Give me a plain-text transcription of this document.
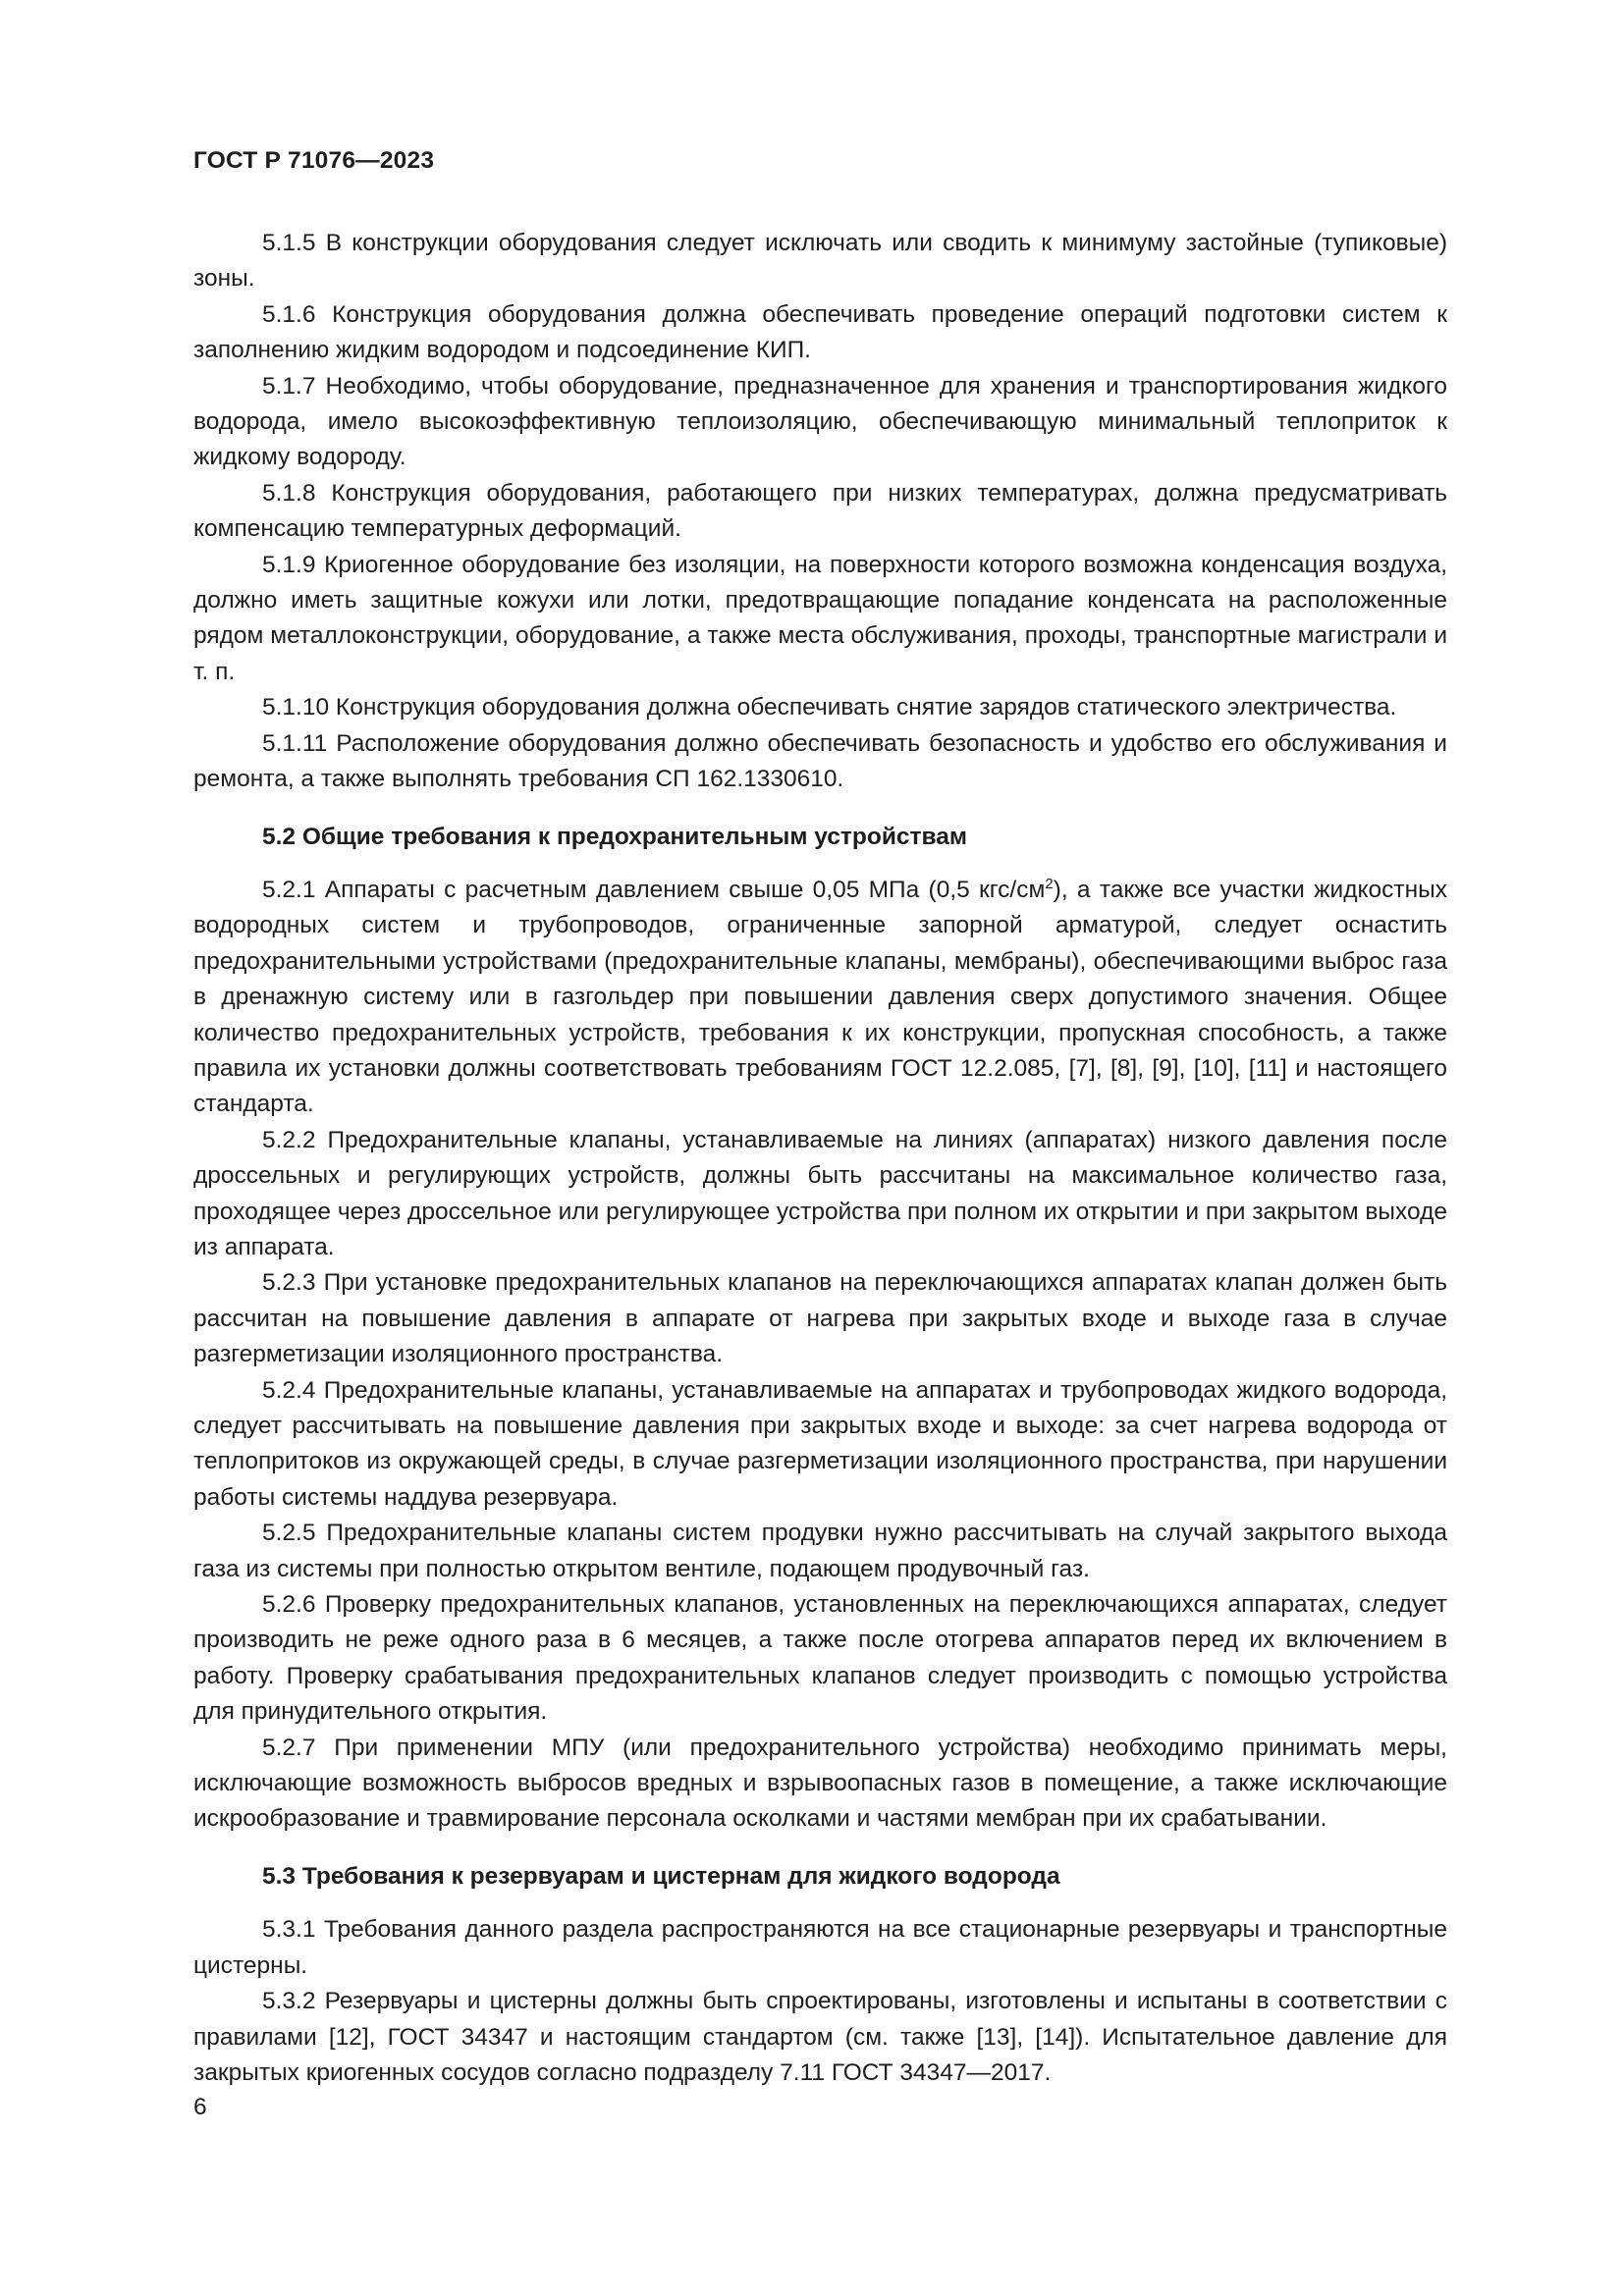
ГОСТ Р 71076—2023

5.1.5 В конструкции оборудования следует исключать или сводить к минимуму застойные (тупиковые) зоны.

5.1.6 Конструкция оборудования должна обеспечивать проведение операций подготовки систем к заполнению жидким водородом и подсоединение КИП.

5.1.7 Необходимо, чтобы оборудование, предназначенное для хранения и транспортирования жидкого водорода, имело высокоэффективную теплоизоляцию, обеспечивающую минимальный теплоприток к жидкому водороду.

5.1.8 Конструкция оборудования, работающего при низких температурах, должна предусматривать компенсацию температурных деформаций.

5.1.9 Криогенное оборудование без изоляции, на поверхности которого возможна конденсация воздуха, должно иметь защитные кожухи или лотки, предотвращающие попадание конденсата на расположенные рядом металлоконструкции, оборудование, а также места обслуживания, проходы, транспортные магистрали и т. п.

5.1.10 Конструкция оборудования должна обеспечивать снятие зарядов статического электричества.

5.1.11 Расположение оборудования должно обеспечивать безопасность и удобство его обслуживания и ремонта, а также выполнять требования СП 162.1330610.

5.2 Общие требования к предохранительным устройствам

5.2.1 Аппараты с расчетным давлением свыше 0,05 МПа (0,5 кгс/$см^2$), а также все участки жидкостных водородных систем и трубопроводов, ограниченные запорной арматурой, следует оснастить предохранительными устройствами (предохранительные клапаны, мембраны), обеспечивающими выброс газа в дренажную систему или в газгольдер при повышении давления сверх допустимого значения. Общее количество предохранительных устройств, требования к их конструкции, пропускная способность, а также правила их установки должны соответствовать требованиям ГОСТ 12.2.085, [7], [8], [9], [10], [11] и настоящего стандарта.

5.2.2 Предохранительные клапаны, устанавливаемые на линиях (аппаратах) низкого давления после дроссельных и регулирующих устройств, должны быть рассчитаны на максимальное количество газа, проходящее через дроссельное или регулирующее устройства при полном их открытии и при закрытом выходе из аппарата.

5.2.3 При установке предохранительных клапанов на переключающихся аппаратах клапан должен быть рассчитан на повышение давления в аппарате от нагрева при закрытых входе и выходе газа в случае разгерметизации изоляционного пространства.

5.2.4 Предохранительные клапаны, устанавливаемые на аппаратах и трубопроводах жидкого водорода, следует рассчитывать на повышение давления при закрытых входе и выходе: за счет нагрева водорода от теплопритоков из окружающей среды, в случае разгерметизации изоляционного пространства, при нарушении работы системы наддува резервуара.

5.2.5 Предохранительные клапаны систем продувки нужно рассчитывать на случай закрытого выхода газа из системы при полностью открытом вентиле, подающем продувочный газ.

5.2.6 Проверку предохранительных клапанов, установленных на переключающихся аппаратах, следует производить не реже одного раза в 6 месяцев, а также после отогрева аппаратов перед их включением в работу. Проверку срабатывания предохранительных клапанов следует производить с помощью устройства для принудительного открытия.

5.2.7 При применении МПУ (или предохранительного устройства) необходимо принимать меры, исключающие возможность выбросов вредных и взрывоопасных газов в помещение, а также исключающие искрообразование и травмирование персонала осколками и частями мембран при их срабатывании.

5.3 Требования к резервуарам и цистернам для жидкого водорода

5.3.1 Требования данного раздела распространяются на все стационарные резервуары и транспортные цистерны.

5.3.2 Резервуары и цистерны должны быть спроектированы, изготовлены и испытаны в соответствии с правилами [12], ГОСТ 34347 и настоящим стандартом (см. также [13], [14]). Испытательное давление для закрытых криогенных сосудов согласно подразделу 7.11 ГОСТ 34347—2017.

6
